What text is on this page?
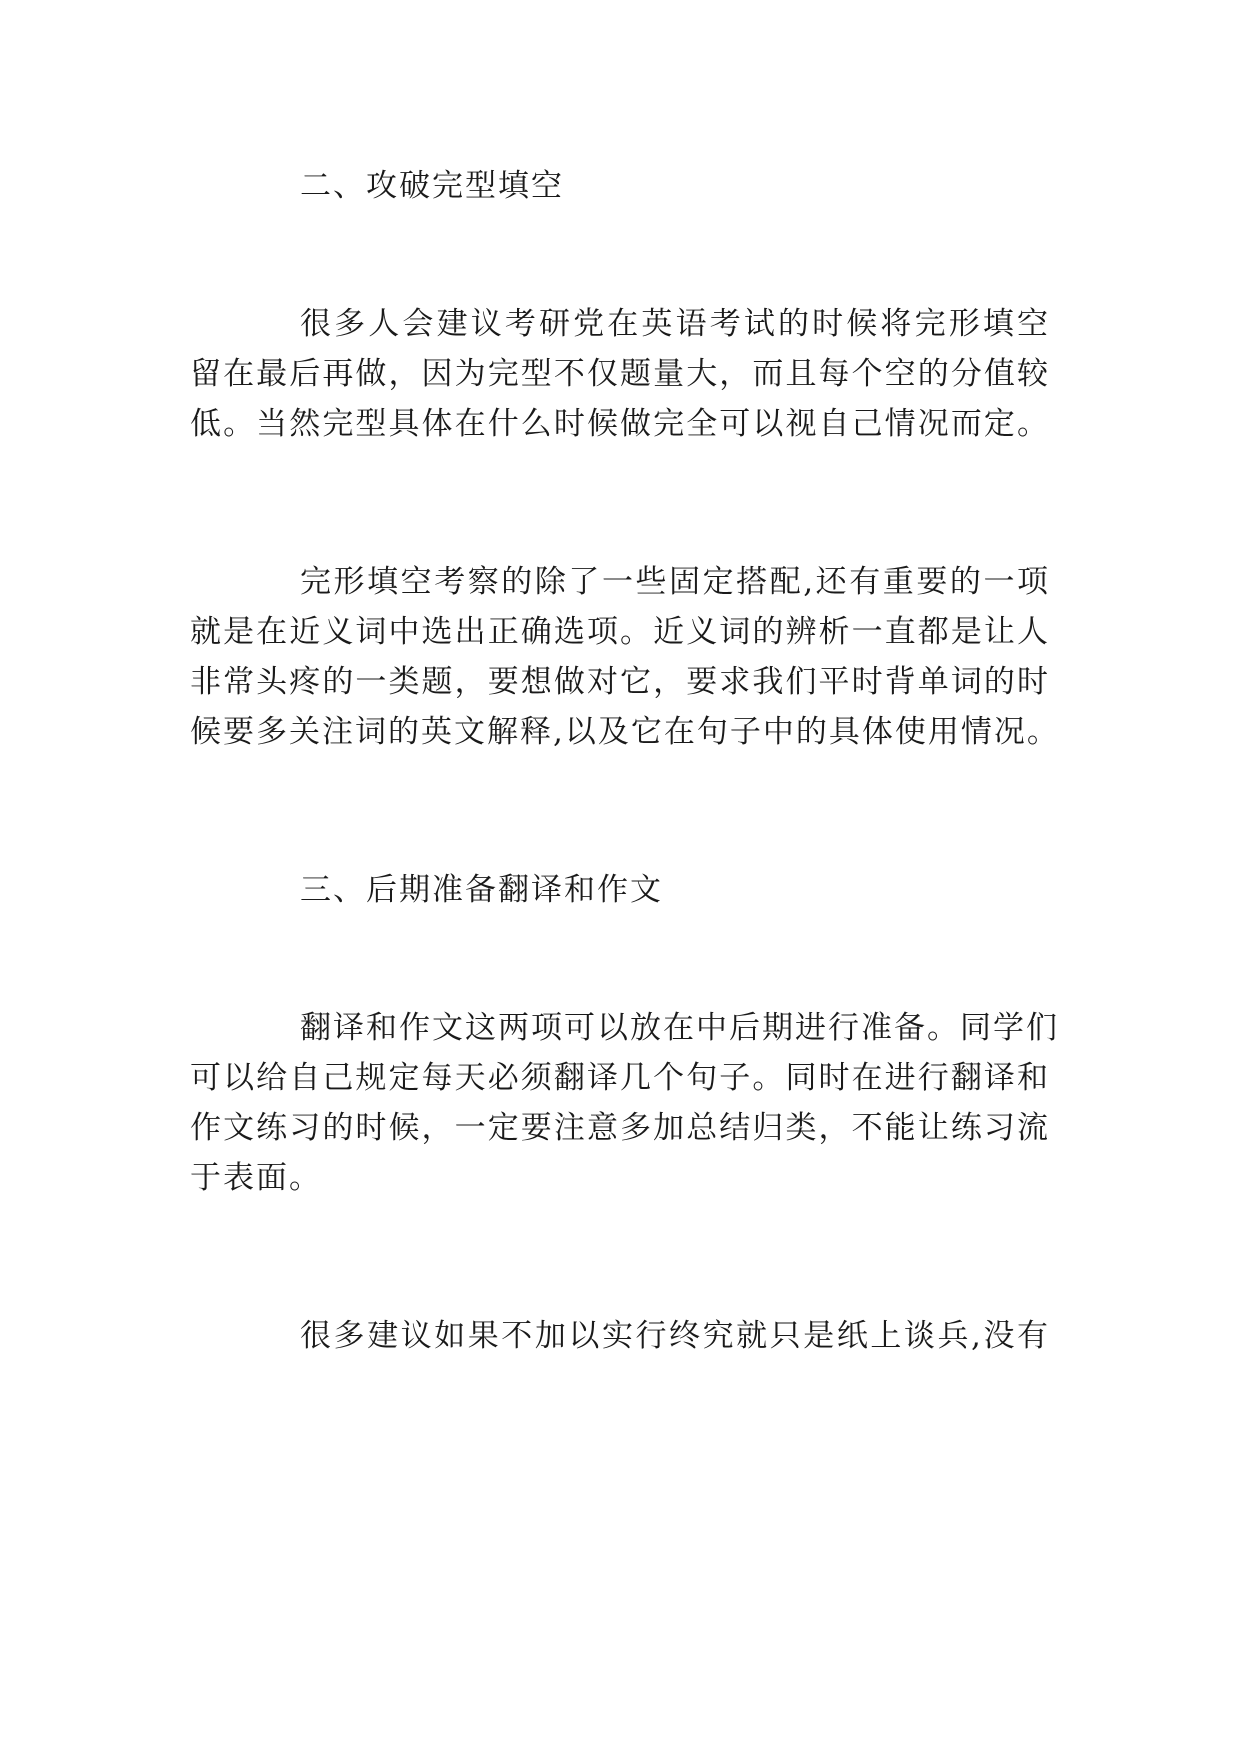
二、攻破完型填空
很多人会建议考研党在英语考试的时候将完形填空
留在最后再做，因为完型不仅题量大，而且每个空的分值较
低。当然完型具体在什么时候做完全可以视自己情况而定。
完形填空考察的除了一些固定搭配,还有重要的一项
就是在近义词中选出正确选项。近义词的辨析一直都是让人
非常头疼的一类题，要想做对它，要求我们平时背单词的时
候要多关注词的英文解释,以及它在句子中的具体使用情况。
三、后期准备翻译和作文
翻译和作文这两项可以放在中后期进行准备。同学们
可以给自己规定每天必须翻译几个句子。同时在进行翻译和
作文练习的时候，一定要注意多加总结归类，不能让练习流
于表面。
很多建议如果不加以实行终究就只是纸上谈兵,没有
